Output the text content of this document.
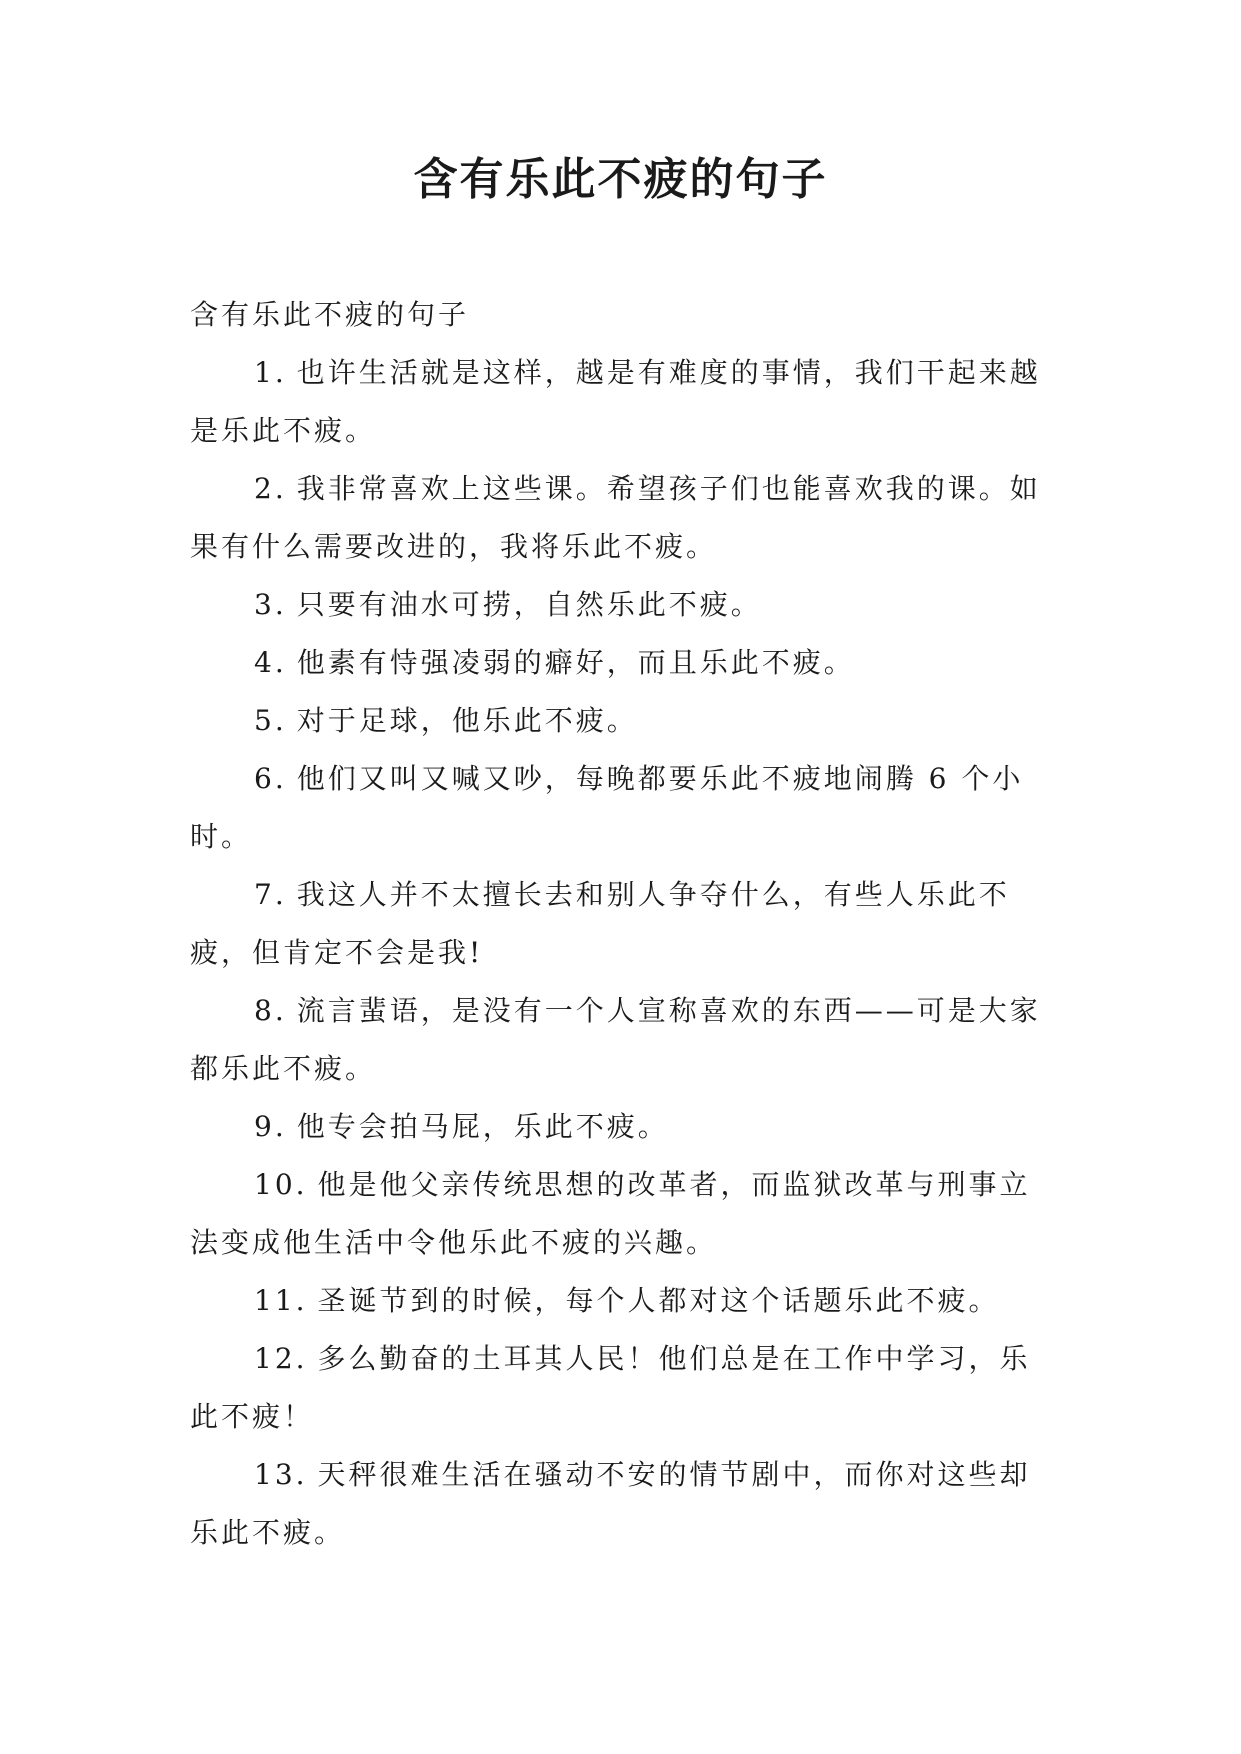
含有乐此不疲的句子

含有乐此不疲的句子

1. 也许生活就是这样，越是有难度的事情，我们干起来越是乐此不疲。

2. 我非常喜欢上这些课。希望孩子们也能喜欢我的课。如果有什么需要改进的，我将乐此不疲。

3. 只要有油水可捞，自然乐此不疲。

4. 他素有恃强凌弱的癖好，而且乐此不疲。

5. 对于足球，他乐此不疲。

6. 他们又叫又喊又吵，每晚都要乐此不疲地闹腾 6 个小时。

7. 我这人并不太擅长去和别人争夺什么，有些人乐此不疲，但肯定不会是我!

8. 流言蜚语，是没有一个人宣称喜欢的东西——可是大家都乐此不疲。

9. 他专会拍马屁，乐此不疲。

10. 他是他父亲传统思想的改革者，而监狱改革与刑事立法变成他生活中令他乐此不疲的兴趣。

11. 圣诞节到的时候，每个人都对这个话题乐此不疲。

12. 多么勤奋的土耳其人民！他们总是在工作中学习，乐此不疲！

13. 天秤很难生活在骚动不安的情节剧中，而你对这些却乐此不疲。
